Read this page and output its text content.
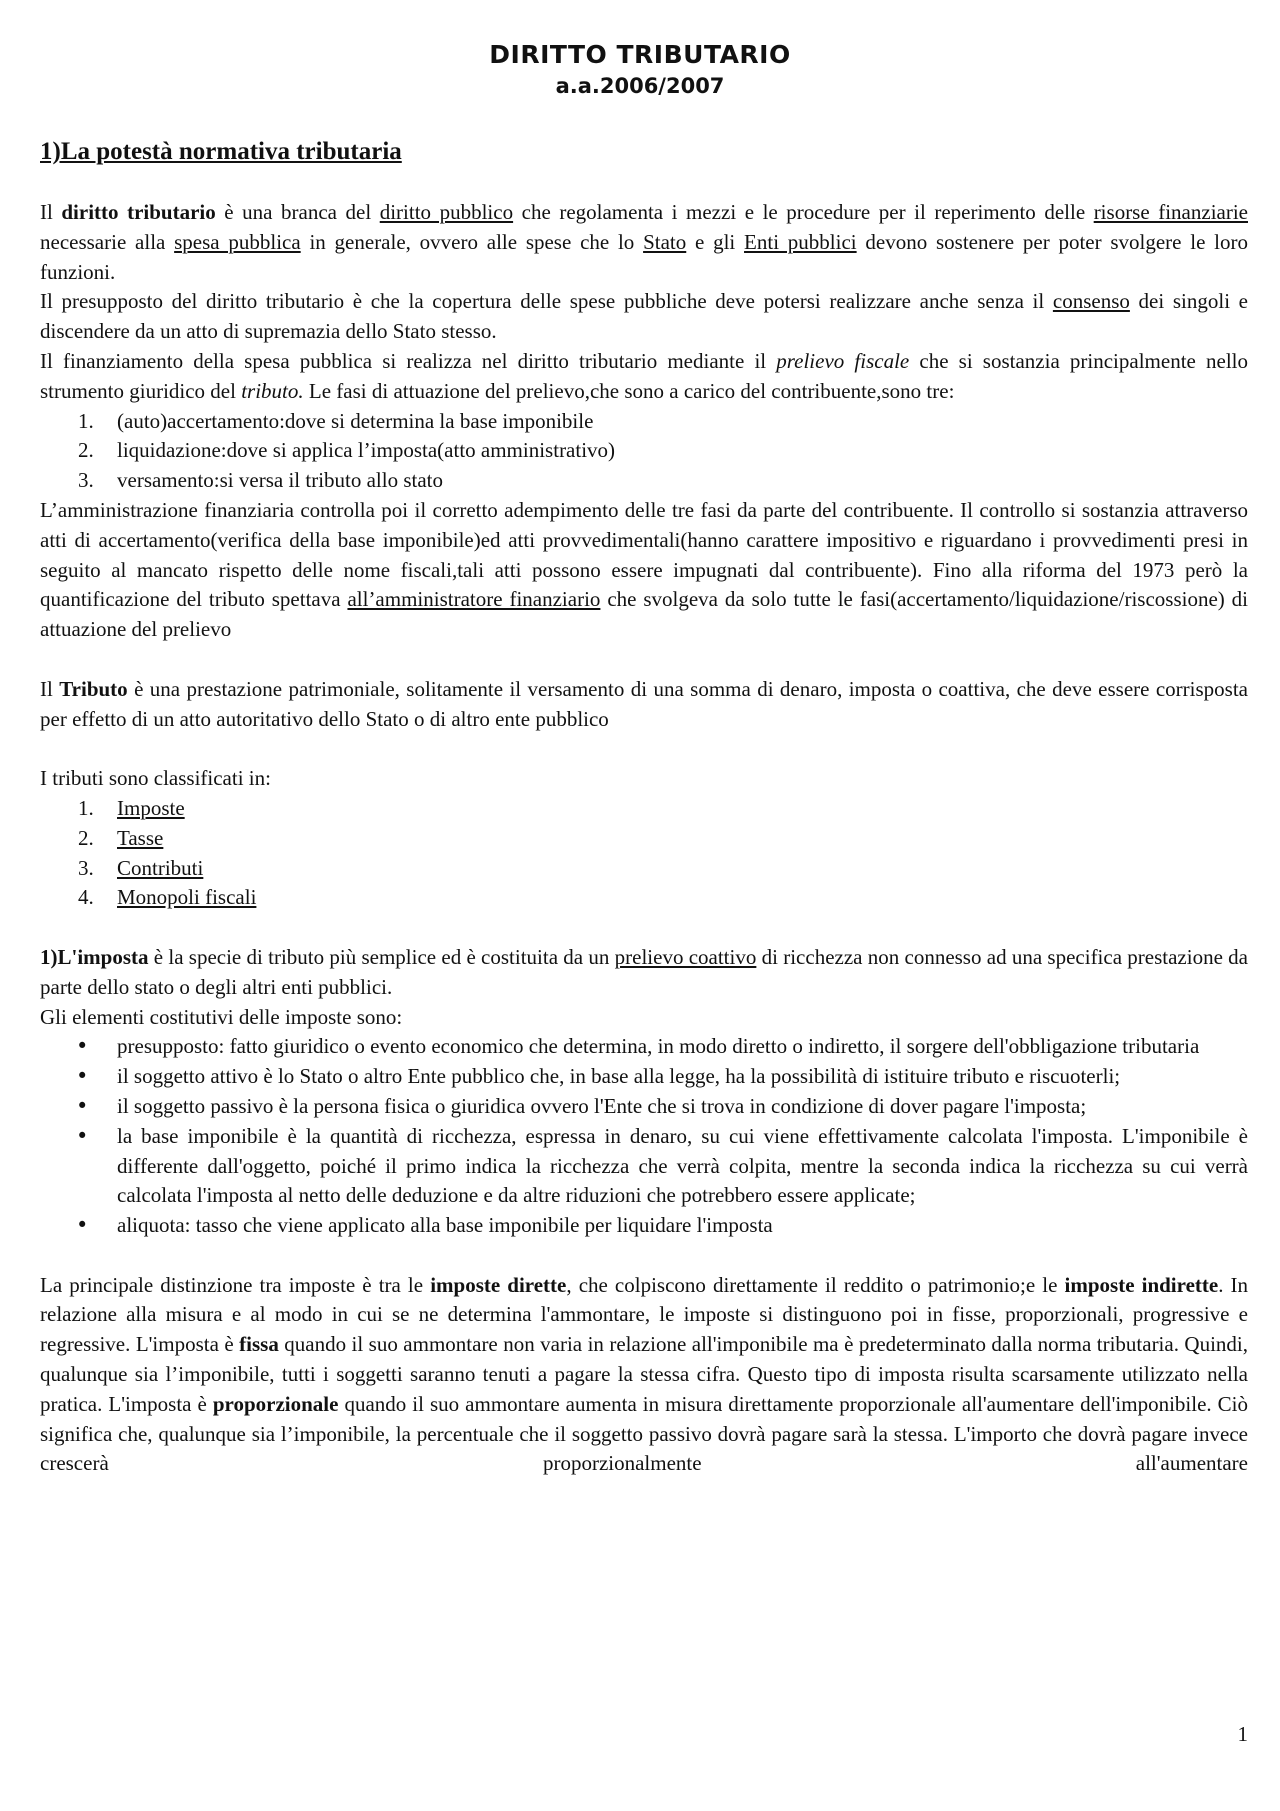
DIRITTO TRIBUTARIO
a.a.2006/2007
1)La potestà normativa tributaria
Il diritto tributario è una branca del diritto pubblico che regolamenta i mezzi e le procedure per il reperimento delle risorse finanziarie necessarie alla spesa pubblica in generale, ovvero alle spese che lo Stato e gli Enti pubblici devono sostenere per poter svolgere le loro funzioni.
Il presupposto del diritto tributario è che la copertura delle spese pubbliche deve potersi realizzare anche senza il consenso dei singoli e discendere da un atto di supremazia dello Stato stesso.
Il finanziamento della spesa pubblica si realizza nel diritto tributario mediante il prelievo fiscale che si sostanzia principalmente nello strumento giuridico del tributo. Le fasi di attuazione del prelievo,che sono a carico del contribuente,sono tre:
1. (auto)accertamento:dove si determina la base imponibile
2. liquidazione:dove si applica l’imposta(atto amministrativo)
3. versamento:si versa il tributo allo stato
L’amministrazione finanziaria controlla poi il corretto adempimento delle tre fasi da parte del contribuente. Il controllo si sostanzia attraverso atti di accertamento(verifica della base imponibile)ed atti provvedimentali(hanno carattere impositivo e riguardano i provvedimenti presi in seguito al mancato rispetto delle nome fiscali,tali atti possono essere impugnati dal contribuente). Fino alla riforma del 1973 però la quantificazione del tributo spettava all’amministratore finanziario che svolgeva da solo tutte le fasi(accertamento/liquidazione/riscossione) di attuazione del prelievo
Il Tributo è una prestazione patrimoniale, solitamente il versamento di una somma di denaro, imposta o coattiva, che deve essere corrisposta per effetto di un atto autoritativo dello Stato o di altro ente pubblico
I tributi sono classificati in:
1. Imposte
2. Tasse
3. Contributi
4. Monopoli fiscali
1)L'imposta è la specie di tributo più semplice ed è costituita da un prelievo coattivo di ricchezza non connesso ad una specifica prestazione da parte dello stato o degli altri enti pubblici.
Gli elementi costitutivi delle imposte sono:
• presupposto: fatto giuridico o evento economico che determina, in modo diretto o indiretto, il sorgere dell'obbligazione tributaria
• il soggetto attivo è lo Stato o altro Ente pubblico che, in base alla legge, ha la possibilità di istituire tributo e riscuoterli;
• il soggetto passivo è la persona fisica o giuridica ovvero l'Ente che si trova in condizione di dover pagare l'imposta;
• la base imponibile è la quantità di ricchezza, espressa in denaro, su cui viene effettivamente calcolata l'imposta. L'imponibile è differente dall'oggetto, poiché il primo indica la ricchezza che verrà colpita, mentre la seconda indica la ricchezza su cui verrà calcolata l'imposta al netto delle deduzione e da altre riduzioni che potrebbero essere applicate;
• aliquota: tasso che viene applicato alla base imponibile per liquidare l'imposta
La principale distinzione tra imposte è tra le imposte dirette, che colpiscono direttamente il reddito o patrimonio;e le imposte indirette. In relazione alla misura e al modo in cui se ne determina l'ammontare, le imposte si distinguono poi in fisse, proporzionali, progressive e regressive. L'imposta è fissa quando il suo ammontare non varia in relazione all'imponibile ma è predeterminato dalla norma tributaria. Quindi, qualunque sia l’imponibile, tutti i soggetti saranno tenuti a pagare la stessa cifra. Questo tipo di imposta risulta scarsamente utilizzato nella pratica. L'imposta è proporzionale quando il suo ammontare aumenta in misura direttamente proporzionale all'aumentare dell'imponibile. Ciò significa che, qualunque sia l’imponibile, la percentuale che il soggetto passivo dovrà pagare sarà la stessa. L'importo che dovrà pagare invece crescerà proporzionalmente all'aumentare
1
